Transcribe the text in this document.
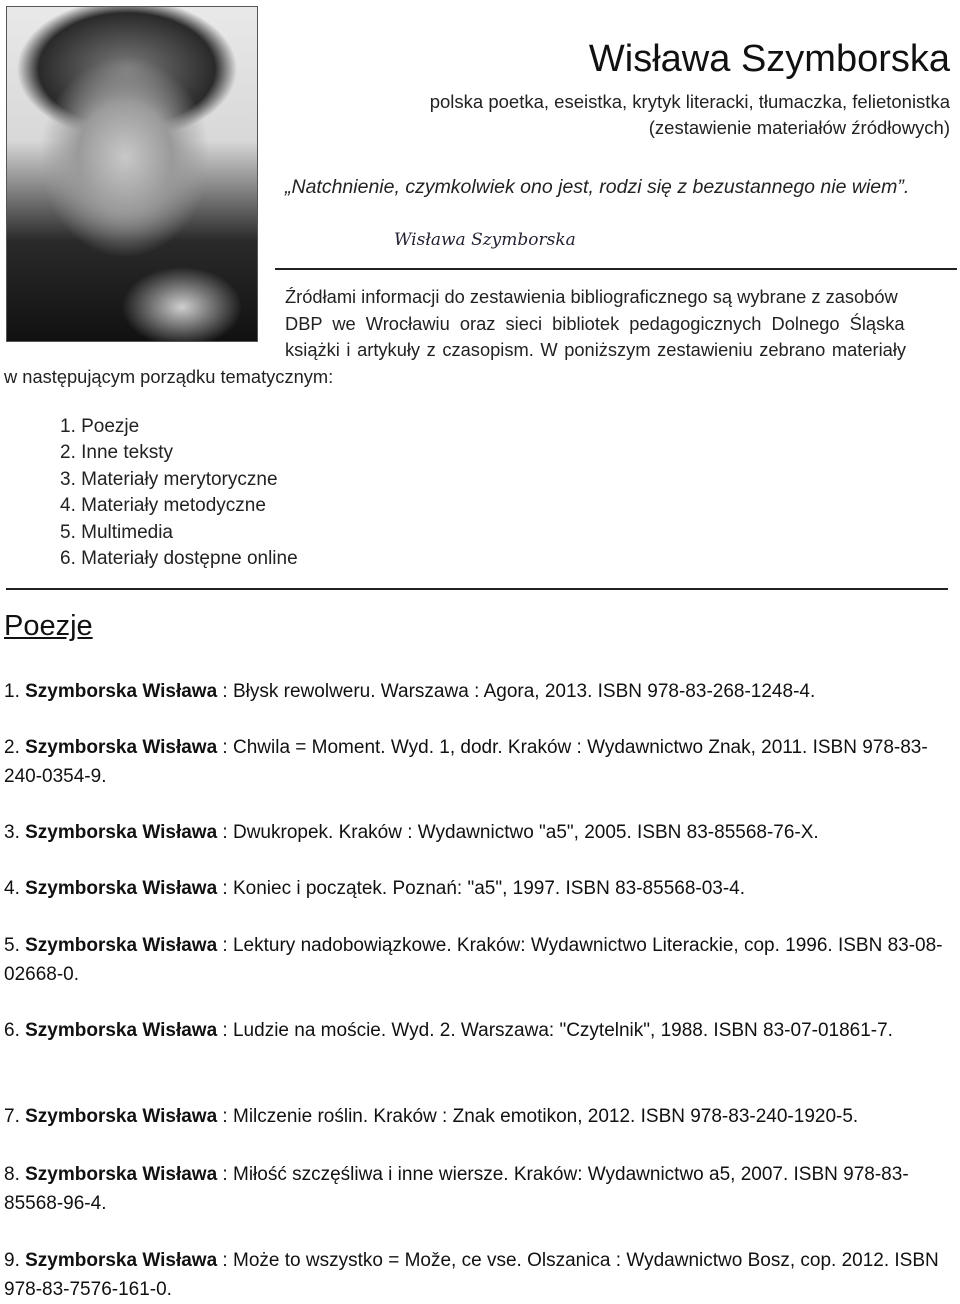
Wisława Szymborska
polska poetka, eseistka, krytyk literacki, tłumaczka, felietonistka
(zestawienie materiałów źródłowych)
„Natchnienie, czymkolwiek ono jest, rodzi się z bezustannego nie wiem”.
Wisława Szymborska
Źródłami informacji do zestawienia bibliograficznego są wybrane z zasobów
DBP we Wrocławiu oraz sieci bibliotek pedagogicznych Dolnego Śląska
książki i artykuły z czasopism. W poniższym zestawieniu zebrano materiały
w następującym porządku tematycznym:
1. Poezje
2. Inne teksty
3. Materiały merytoryczne
4. Materiały metodyczne
5. Multimedia
6. Materiały dostępne online
Poezje
1. Szymborska Wisława : Błysk rewolweru. Warszawa : Agora, 2013. ISBN 978-83-268-1248-4.
2. Szymborska Wisława : Chwila = Moment. Wyd. 1, dodr. Kraków : Wydawnictwo Znak, 2011. ISBN 978-83-240-0354-9.
3. Szymborska Wisława : Dwukropek. Kraków : Wydawnictwo "a5", 2005. ISBN 83-85568-76-X.
4. Szymborska Wisława : Koniec i początek. Poznań: "a5", 1997. ISBN 83-85568-03-4.
5. Szymborska Wisława : Lektury nadobowiązkowe. Kraków: Wydawnictwo Literackie, cop. 1996. ISBN 83-08-02668-0.
6. Szymborska Wisława : Ludzie na moście. Wyd. 2. Warszawa: "Czytelnik", 1988. ISBN 83-07-01861-7.
7. Szymborska Wisława : Milczenie roślin. Kraków : Znak emotikon, 2012. ISBN 978-83-240-1920-5.
8. Szymborska Wisława : Miłość szczęśliwa i inne wiersze. Kraków: Wydawnictwo a5, 2007. ISBN 978-83-85568-96-4.
9. Szymborska Wisława : Może to wszystko = Može, ce vse. Olszanica : Wydawnictwo Bosz, cop. 2012. ISBN 978-83-7576-161-0.
